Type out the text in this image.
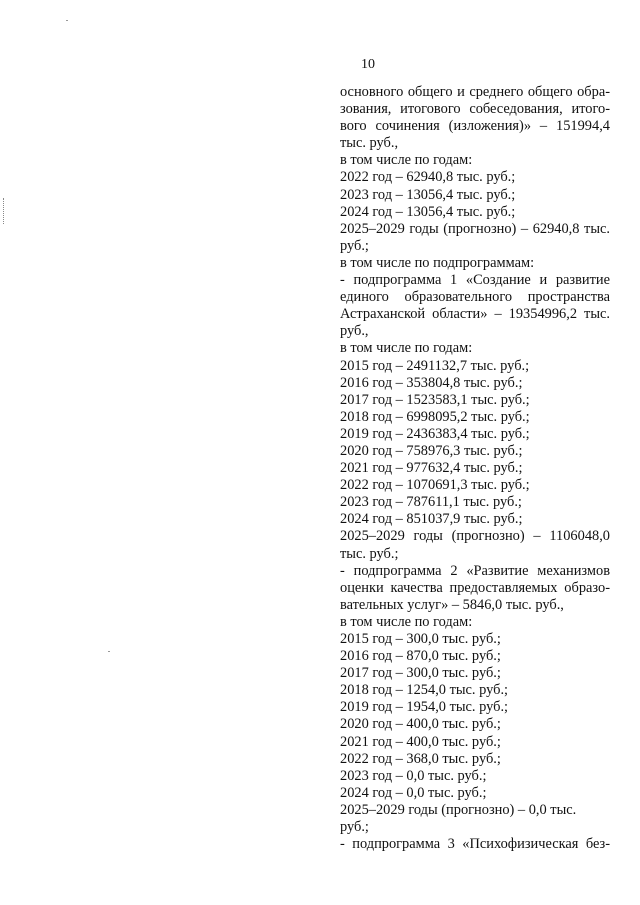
10
основного общего и среднего общего обра-
зования, итогового собеседования, итого-
вого сочинения (изложения)» – 151994,4
тыс. руб.,
в том числе по годам:
2022 год – 62940,8 тыс. руб.;
2023 год – 13056,4 тыс. руб.;
2024 год – 13056,4 тыс. руб.;
2025–2029 годы (прогнозно) – 62940,8 тыс.
руб.;
в том числе по подпрограммам:
- подпрограмма 1 «Создание и развитие
единого образовательного пространства
Астраханской области» – 19354996,2 тыс.
руб.,
в том числе по годам:
2015 год – 2491132,7 тыс. руб.;
2016 год – 353804,8 тыс. руб.;
2017 год – 1523583,1 тыс. руб.;
2018 год – 6998095,2 тыс. руб.;
2019 год – 2436383,4 тыс. руб.;
2020 год – 758976,3 тыс. руб.;
2021 год – 977632,4 тыс. руб.;
2022 год – 1070691,3 тыс. руб.;
2023 год – 787611,1 тыс. руб.;
2024 год – 851037,9 тыс. руб.;
2025–2029 годы (прогнозно) – 1106048,0
тыс. руб.;
- подпрограмма 2 «Развитие механизмов
оценки качества предоставляемых образо-
вательных услуг» – 5846,0 тыс. руб.,
в том числе по годам:
2015 год – 300,0 тыс. руб.;
2016 год – 870,0 тыс. руб.;
2017 год – 300,0 тыс. руб.;
2018 год – 1254,0 тыс. руб.;
2019 год – 1954,0 тыс. руб.;
2020 год – 400,0 тыс. руб.;
2021 год – 400,0 тыс. руб.;
2022 год – 368,0 тыс. руб.;
2023 год – 0,0 тыс. руб.;
2024 год – 0,0 тыс. руб.;
2025–2029 годы (прогнозно) – 0,0 тыс.
руб.;
- подпрограмма 3 «Психофизическая без-
